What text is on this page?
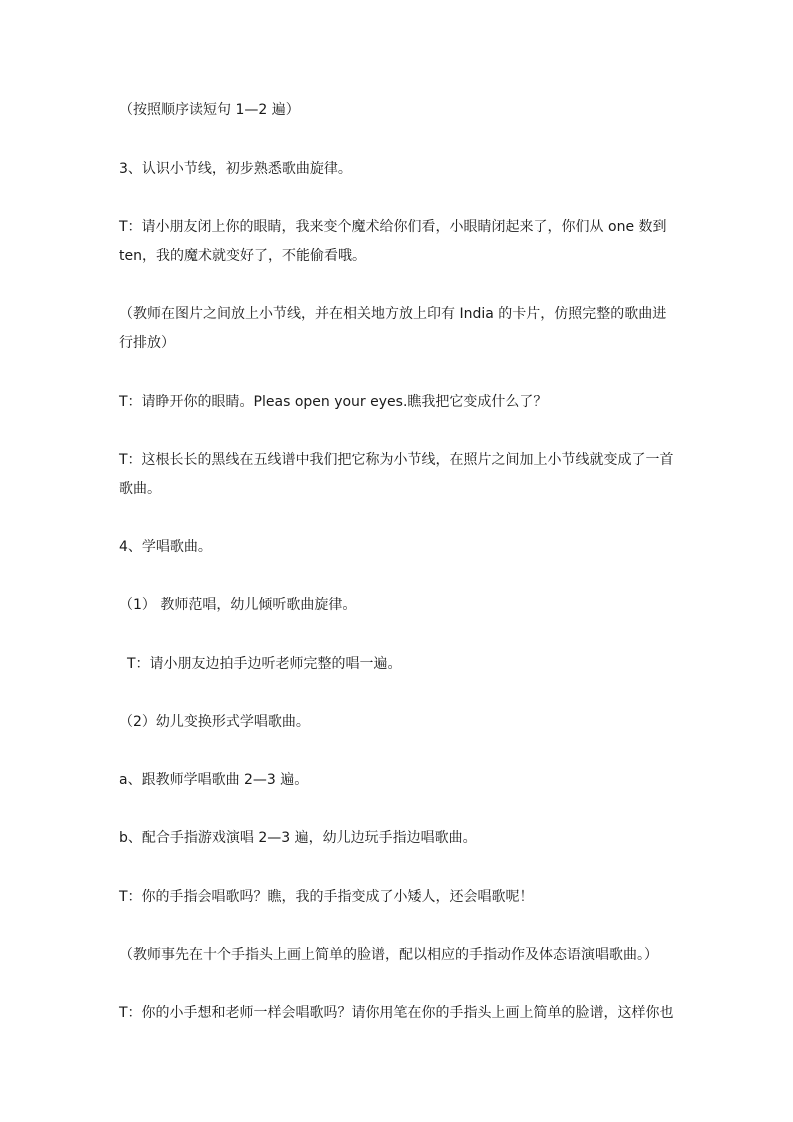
（按照顺序读短句 1—2 遍）

3、认识小节线，初步熟悉歌曲旋律。

T：请小朋友闭上你的眼睛，我来变个魔术给你们看，小眼睛闭起来了，你们从 one 数到
ten，我的魔术就变好了，不能偷看哦。

（教师在图片之间放上小节线，并在相关地方放上印有 India 的卡片，仿照完整的歌曲进
行排放）

T：请睁开你的眼睛。Pleas open your eyes.瞧我把它变成什么了？

T：这根长长的黑线在五线谱中我们把它称为小节线，在照片之间加上小节线就变成了一首
歌曲。

4、学唱歌曲。

（1） 教师范唱，幼儿倾听歌曲旋律。

T：请小朋友边拍手边听老师完整的唱一遍。

（2）幼儿变换形式学唱歌曲。

a、跟教师学唱歌曲 2—3 遍。

b、配合手指游戏演唱 2—3 遍，幼儿边玩手指边唱歌曲。

T：你的手指会唱歌吗？瞧，我的手指变成了小矮人，还会唱歌呢！

（教师事先在十个手指头上画上简单的脸谱，配以相应的手指动作及体态语演唱歌曲。）

T：你的小手想和老师一样会唱歌吗？请你用笔在你的手指头上画上简单的脸谱，这样你也
